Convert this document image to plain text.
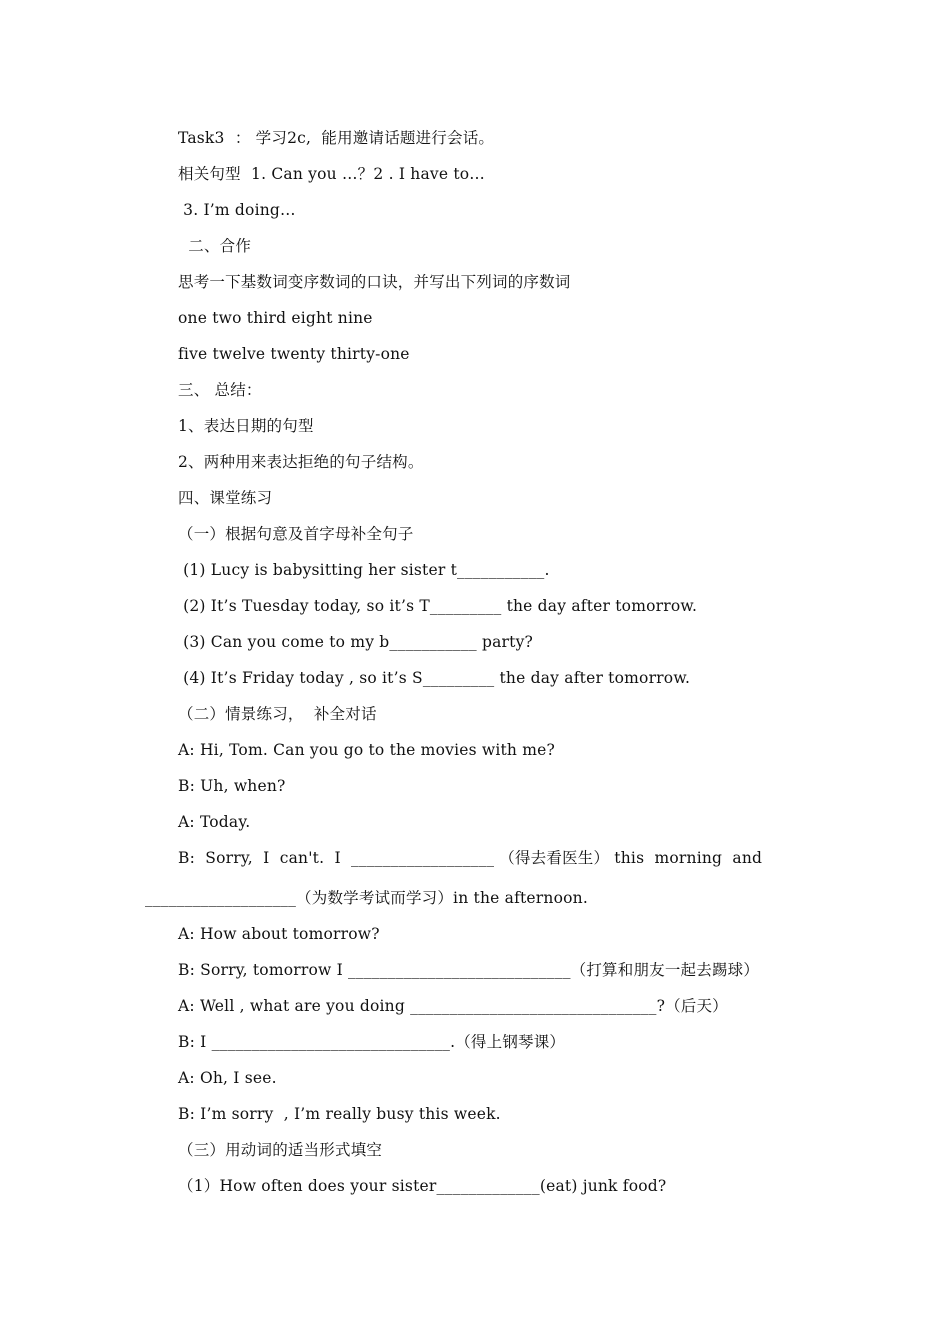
Task3  ： 学习2c,  能用邀请话题进行会话。
相关句型  1. Can you …？2 . I have to…
3. I’m doing…
二、合作
思考一下基数词变序数词的口诀，并写出下列词的序数词
one two third eight nine
five twelve twenty thirty-one
三、 总结：
1、表达日期的句型
2、两种用来表达拒绝的句子结构。
四、课堂练习
（一）根据句意及首字母补全句子
(1) Lucy is babysitting her sister t___________.
(2) It’s Tuesday today, so it’s T_________ the day after tomorrow.
(3) Can you come to my b___________ party?
(4) It’s Friday today , so it’s S_________ the day after tomorrow.
（二）情景练习，  补全对话
A: Hi, Tom. Can you go to the movies with me?
B: Uh, when?
A: Today.
B:  Sorry,  I  can't.  I  __________________ （得去看医生） this  morning  and
___________________（为数学考试而学习）in the afternoon.
A: How about tomorrow?
B: Sorry, tomorrow I ____________________________（打算和朋友一起去踢球）
A: Well , what are you doing _______________________________?（后天）
B: I ______________________________.（得上钢琴课）
A: Oh, I see.
B: I’m sorry  , I’m really busy this week.
（三）用动词的适当形式填空
（1）How often does your sister_____________(eat) junk food?
